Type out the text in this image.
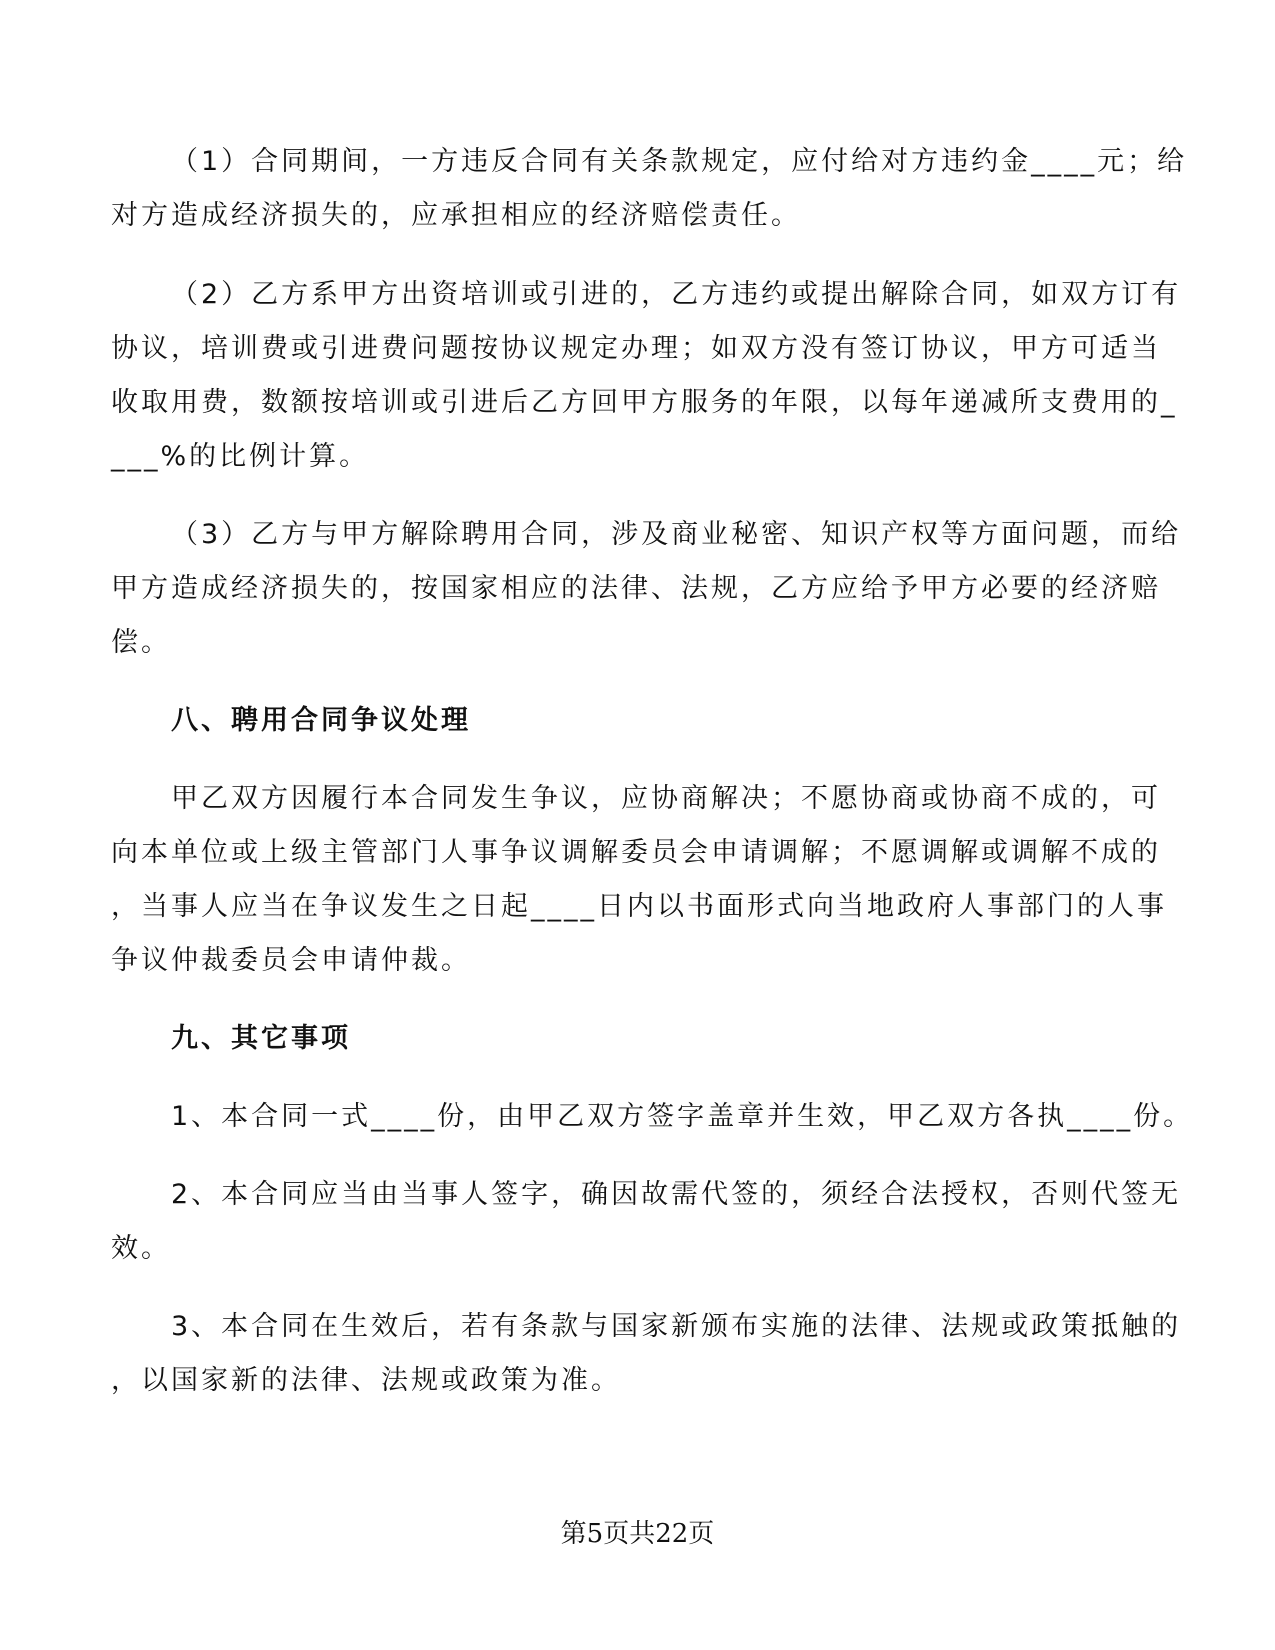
（1）合同期间，一方违反合同有关条款规定，应付给对方违约金____元；给
对方造成经济损失的，应承担相应的经济赔偿责任。
（2）乙方系甲方出资培训或引进的，乙方违约或提出解除合同，如双方订有
协议，培训费或引进费问题按协议规定办理；如双方没有签订协议，甲方可适当
收取用费，数额按培训或引进后乙方回甲方服务的年限，以每年递减所支费用的_
___%的比例计算。
（3）乙方与甲方解除聘用合同，涉及商业秘密、知识产权等方面问题，而给
甲方造成经济损失的，按国家相应的法律、法规，乙方应给予甲方必要的经济赔
偿。
八、聘用合同争议处理
甲乙双方因履行本合同发生争议，应协商解决；不愿协商或协商不成的，可
向本单位或上级主管部门人事争议调解委员会申请调解；不愿调解或调解不成的
，当事人应当在争议发生之日起____日内以书面形式向当地政府人事部门的人事
争议仲裁委员会申请仲裁。
九、其它事项
1、本合同一式____份，由甲乙双方签字盖章并生效，甲乙双方各执____份。
2、本合同应当由当事人签字，确因故需代签的，须经合法授权，否则代签无
效。
3、本合同在生效后，若有条款与国家新颁布实施的法律、法规或政策抵触的
，以国家新的法律、法规或政策为准。
第5页共22页
